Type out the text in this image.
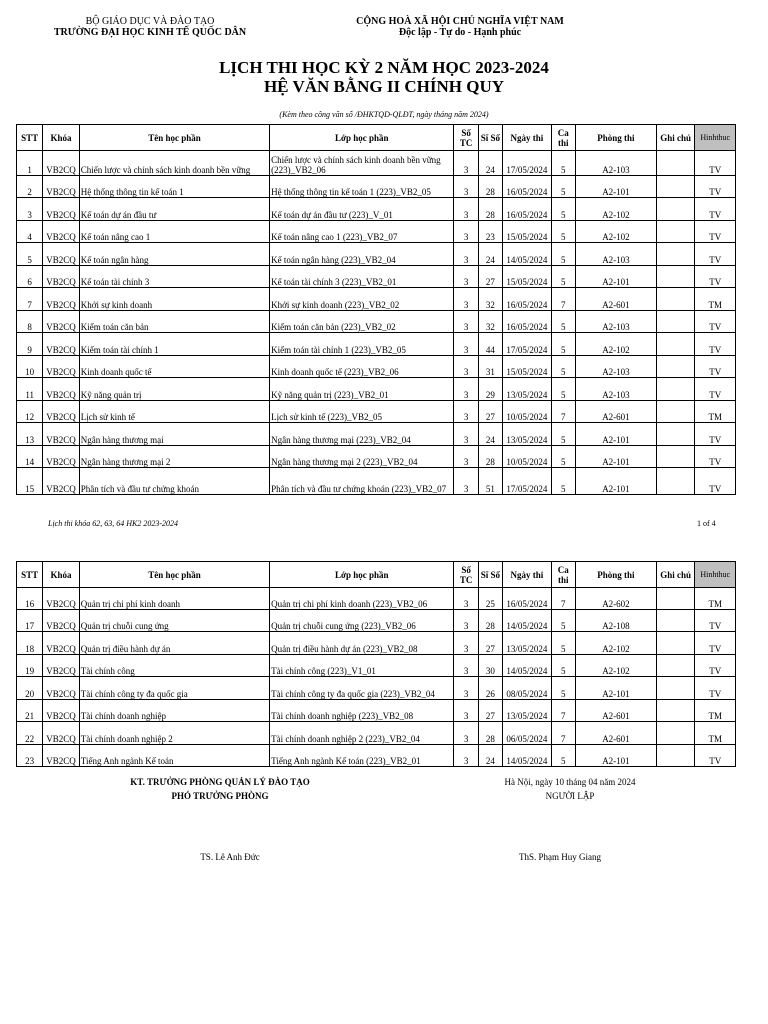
BỘ GIÁO DỤC VÀ ĐÀO TẠO
TRƯỜNG ĐẠI HỌC KINH TẾ QUỐC DÂN
CỘNG HOÀ XÃ HỘI CHỦ NGHĨA VIỆT NAM
Độc lập - Tự do - Hạnh phúc
LỊCH THI HỌC KỲ 2 NĂM HỌC 2023-2024
HỆ VĂN BẰNG II CHÍNH QUY
(Kèm theo công văn số /ĐHKTQD-QLĐT, ngày tháng năm 2024)
STT	Khóa	Tên học phần	Lớp học phần	Số TC	Sĩ Số	Ngày thi	Ca thi	Phòng thi	Ghi chú	Hinhthuc
1	VB2CQ	Chiến lược và chính sách kinh doanh bền vững	Chiến lược và chính sách kinh doanh bền vững (223)_VB2_06	3	24	17/05/2024	5	A2-103		TV
2	VB2CQ	Hệ thống thông tin kế toán 1	Hệ thống thông tin kế toán 1 (223)_VB2_05	3	28	16/05/2024	5	A2-101		TV
3	VB2CQ	Kế toán dự án đầu tư	Kế toán dự án đầu tư (223)_V_01	3	28	16/05/2024	5	A2-102		TV
4	VB2CQ	Kế toán nâng cao 1	Kế toán nâng cao 1 (223)_VB2_07	3	23	15/05/2024	5	A2-102		TV
5	VB2CQ	Kế toán ngân hàng	Kế toán ngân hàng (223)_VB2_04	3	24	14/05/2024	5	A2-103		TV
6	VB2CQ	Kế toán tài chính 3	Kế toán tài chính 3 (223)_VB2_01	3	27	15/05/2024	5	A2-101		TV
7	VB2CQ	Khởi sự kinh doanh	Khởi sự kinh doanh (223)_VB2_02	3	32	16/05/2024	7	A2-601		TM
8	VB2CQ	Kiểm toán căn bản	Kiểm toán căn bản (223)_VB2_02	3	32	16/05/2024	5	A2-103		TV
9	VB2CQ	Kiểm toán tài chính 1	Kiểm toán tài chính 1 (223)_VB2_05	3	44	17/05/2024	5	A2-102		TV
10	VB2CQ	Kinh doanh quốc tế	Kinh doanh quốc tế (223)_VB2_06	3	31	15/05/2024	5	A2-103		TV
11	VB2CQ	Kỹ năng quản trị	Kỹ năng quản trị (223)_VB2_01	3	29	13/05/2024	5	A2-103		TV
12	VB2CQ	Lịch sử kinh tế	Lịch sử kinh tế (223)_VB2_05	3	27	10/05/2024	7	A2-601		TM
13	VB2CQ	Ngân hàng thương mại	Ngân hàng thương mại (223)_VB2_04	3	24	13/05/2024	5	A2-101		TV
14	VB2CQ	Ngân hàng thương mại 2	Ngân hàng thương mại 2 (223)_VB2_04	3	28	10/05/2024	5	A2-101		TV
15	VB2CQ	Phân tích và đầu tư chứng khoán	Phân tích và đầu tư chứng khoán (223)_VB2_07	3	51	17/05/2024	5	A2-101		TV
Lịch thi khóa 62, 63, 64 HK2 2023-2024	1 of 4
STT	Khóa	Tên học phần	Lớp học phần	Số TC	Sĩ Số	Ngày thi	Ca thi	Phòng thi	Ghi chú	Hinhthuc
16	VB2CQ	Quản trị chi phí kinh doanh	Quản trị chi phí kinh doanh (223)_VB2_06	3	25	16/05/2024	7	A2-602		TM
17	VB2CQ	Quản trị chuỗi cung ứng	Quản trị chuỗi cung ứng (223)_VB2_06	3	28	14/05/2024	5	A2-108		TV
18	VB2CQ	Quản trị điều hành dự án	Quản trị điều hành dự án (223)_VB2_08	3	27	13/05/2024	5	A2-102		TV
19	VB2CQ	Tài chính công	Tài chính công (223)_V1_01	3	30	14/05/2024	5	A2-102		TV
20	VB2CQ	Tài chính công ty đa quốc gia	Tài chính công ty đa quốc gia (223)_VB2_04	3	26	08/05/2024	5	A2-101		TV
21	VB2CQ	Tài chính doanh nghiệp	Tài chính doanh nghiệp (223)_VB2_08	3	27	13/05/2024	7	A2-601		TM
22	VB2CQ	Tài chính doanh nghiệp 2	Tài chính doanh nghiệp 2 (223)_VB2_04	3	28	06/05/2024	7	A2-601		TM
23	VB2CQ	Tiếng Anh ngành Kế toán	Tiếng Anh ngành Kế toán (223)_VB2_01	3	24	14/05/2024	5	A2-101		TV
KT. TRƯỞNG PHÒNG QUẢN LÝ ĐÀO TẠO
PHÓ TRƯỞNG PHÒNG
Hà Nội, ngày 10 tháng 04 năm 2024
NGƯỜI LẬP
TS. Lê Anh Đức	ThS. Phạm Huy Giang
